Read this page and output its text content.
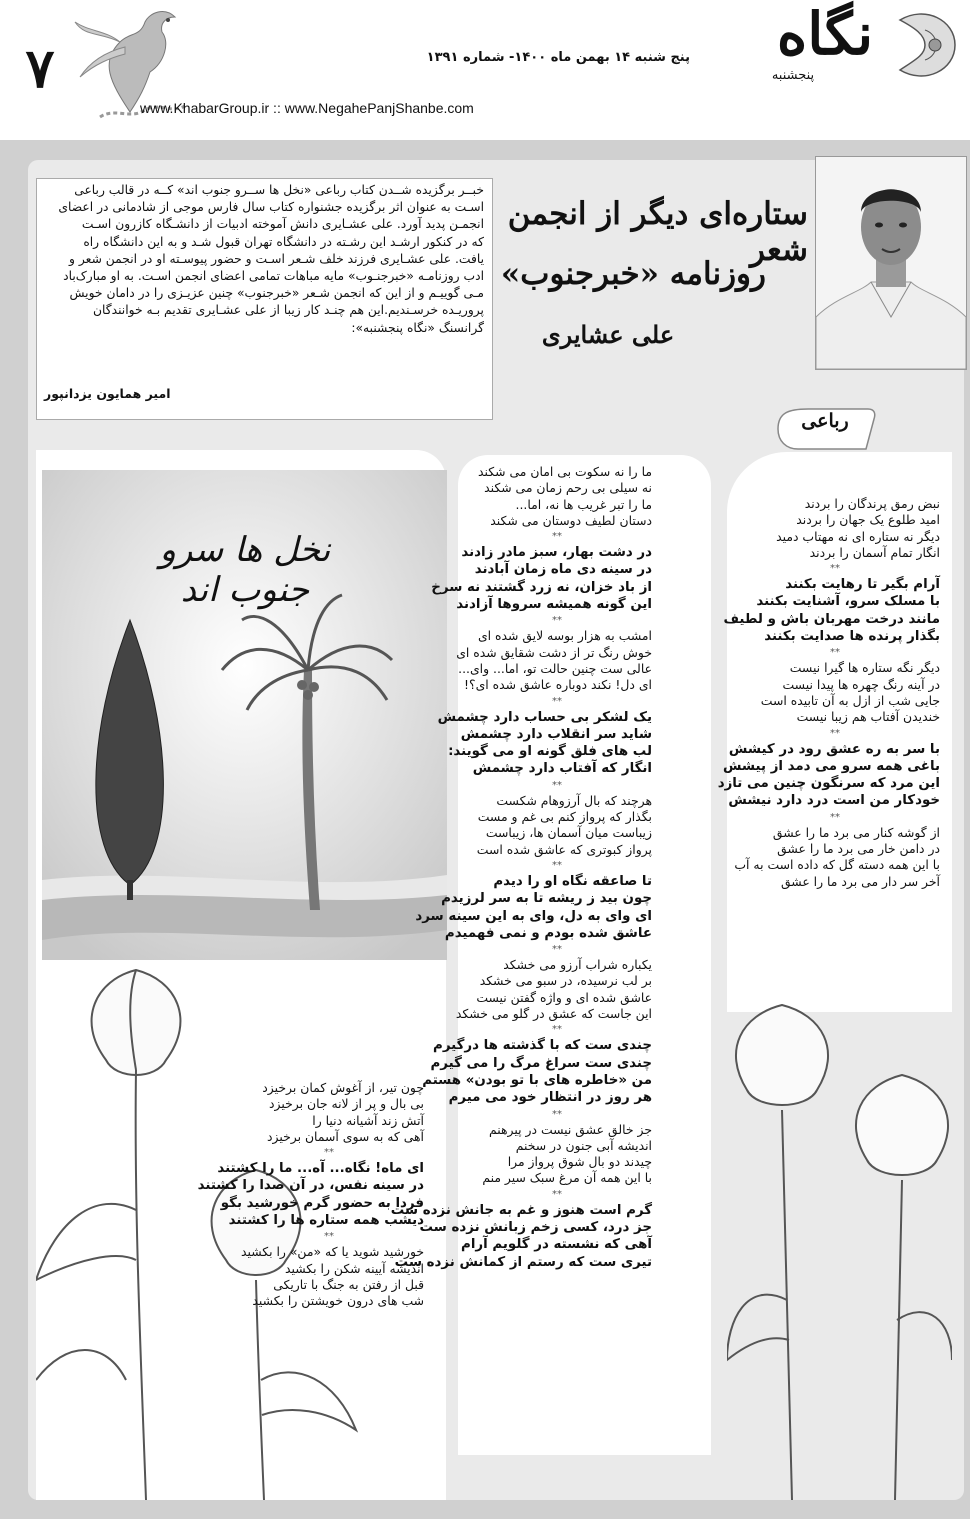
۷	پنج شنبه ۱۴ بهمن ماه ۱۴۰۰- شماره ۱۳۹۱
www.KhabarGroup.ir :: www.NegahePanjShanbe.com
نگاه
پنجشنبه
خبــر برگزیده شــدن کتاب رباعی «نخل ها ســرو جنوب اند» کــه در قالب رباعی
اسـت به عنوان اثر برگزیده جشنواره کتاب سال فارس موجی از شادمانی در اعضای
انجمـن پدید آورد. علی عشـایری دانش آموخته ادبیات از دانشـگاه کازرون اسـت
که در کنکور ارشـد این رشـته در دانشگاه تهران قبول شـد و به این دانشگاه راه
یافت. علی عشـایری فرزند خلف شـعر اسـت و حضور پیوسـته او در انجمن شعر و
ادب روزنامـه «خبرجنـوب» مایه مباهات تمامی اعضای انجمن اسـت. به او مبارک‌باد
مـی گوییـم و از این که انجمن شـعر «خبرجنوب» چنین عزیـزی را در دامان خویش
پروریـده خرسـندیم.این هم چنـد کار زیبا از علی عشـایری تقدیم بـه خوانندگان
گرانسنگ «نگاه پنجشنبه»:
امیر همایون یزدانپور
ستاره‌ای دیگر از انجمن شعر
روزنامه «خبرجنوب»
علی عشایری
نخل ها سرو جنوب اند
رباعی
نبض رمق پرندگان را بردند
امید طلوع یک جهان را بردند
دیگر نه ستاره ای نه مهتاب دمید
انگار تمام آسمان را بردند
**
آرام بگیر تا رهایت بکنند
با مسلک سرو، آشنایت بکنند
مانند درخت مهربان باش و لطیف
بگذار پرنده ها صدایت بکنند
**
دیگر نگه ستاره ها گیرا نیست
در آینه رنگ چهره ها پیدا نیست
جایی شب از ازل به آن تابیده است
خندیدن آفتاب هم زیبا نیست
**
با سر به ره عشق رود در کیشش
باغی همه سرو می دمد از پیشش
این مرد که سرنگون چنین می تازد
خودکار من است درد دارد نیشش
**
از گوشه کنار می برد ما را عشق
در دامن خار می برد ما را عشق
با این همه دسته گل که داده است به آب
آخر سر دار می برد ما را عشق
ما را نه سکوت بی امان می شکند
نه سیلی بی رحم زمان می شکند
ما را تبر غریب ها نه، اما...
دستان لطیف دوستان می شکند
**
در دشت بهار، سبز مادر زادند
در سینه دی ماه زمان آبادند
از باد خزان، نه زرد گشتند نه سرخ
این گونه همیشه سروها آزادند
**
امشب به هزار بوسه لایق شده ای
خوش رنگ تر از دشت شقایق شده ای
عالی ست چنین حالت تو، اما... وای...
ای دل! نکند دوباره عاشق شده ای؟!
**
یک لشکر بی حساب دارد چشمش
شاید سر انقلاب دارد چشمش
لب های فلق گونه او می گویند:
انگار که آفتاب دارد چشمش
**
هرچند که بال آرزوهام شکست
بگذار که پرواز کنم بی غم و مست
زیباست میان آسمان ها، زیباست
پرواز کبوتری که عاشق شده است
**
تا صاعقه نگاه او را دیدم
چون بید ز ریشه تا به سر لرزیدم
ای وای به دل، وای به این سینه سرد
عاشق شده بودم و نمی فهمیدم
**
یکباره شراب آرزو می خشکد
بر لب نرسیده، در سبو می خشکد
عاشق شده ای و واژه گفتن نیست
این جاست که عشق در گلو می خشکد
**
چندی ست که با گذشته ها درگیرم
چندی ست سراغ مرگ را می گیرم
من «خاطره های با تو بودن» هستم
هر روز در انتظار خود می میرم
**
جز خالق عشق نیست در پیرهنم
اندیشه آبی جنون در سخنم
چیدند دو بال شوق پرواز مرا
با این همه آن مرغ سبک سیر منم
**
گرم است هنوز و غم به جانش نزده ست
جز درد، کسی زخم زبانش نزده ست
آهی که نشسته در گلویم آرام
تیری ست که رستم از کمانش نزده ست
چون تیر، از آغوش کمان برخیزد
بی بال و پر از لانه جان برخیزد
آتش زند آشیانه دنیا را
آهی که به سوی آسمان برخیزد
**
ای ماه! نگاه... آه... ما را کشتند
در سینه نفس، در آن صدا را کشتند
فردا به حضور گرم خورشید بگو
دیشب همه ستاره ها را کشتند
**
خورشید شوید یا که «من» را بکشید
اندیشه آیینه شکن را بکشید
قبل از رفتن به جنگ با تاریکی
شب های درون خویشتن را بکشید
